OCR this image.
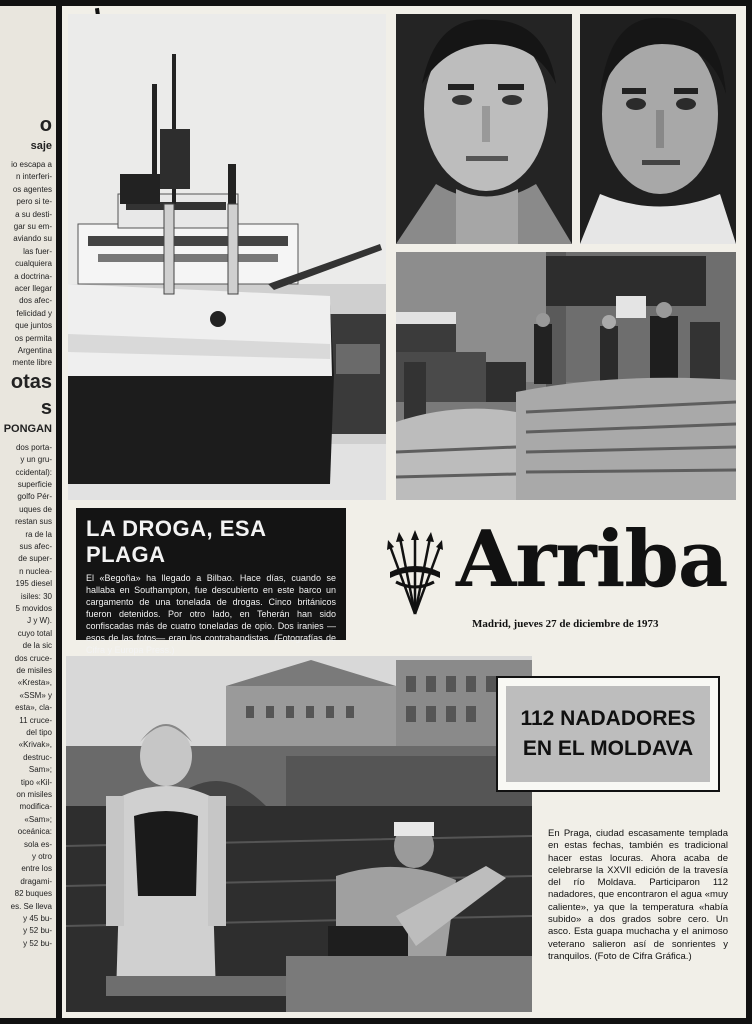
o
saje
io escapa a
n interferi-
os agentes
pero si te-
a su desti-
gar su em-
aviando su
las fuer-
cualquiera
a doctrina-
acer llegar
dos afec-
felicidad y
que juntos
os permita
Argentina
mente libre
otas
s
PONGAN
dos porta-
y un gru-
ccidental):
superficie
golfo Pér-
uques de
restan sus
ra de la
sus afec-
de super-
n nuclea-
195 diesel
isiles: 30
5 movidos
J y W).
cuyo total
de la sic
dos cruce-
de misiles
«Kresta»,
«SSM» y
esta», cla-
11 cruce-
del tipo
«Krivak»,
destruc-
Sam»;
tipo «Kil-
on misiles
modifica-
«Sam»;
oceánica:
sola es-
y otro
entre los
dragami-
82 buques
es. Se lleva
y 45 bu-
y 52 bu-
y 52 bu-
LA DROGA, ESA PLAGA
El «Begoña» ha llegado a Bilbao. Hace días, cuando se hallaba en Southampton, fue descubierto en este barco un cargamento de una tonelada de drogas. Cinco británicos fueron detenidos. Por otro lado, en Teherán han sido confiscadas más de cuatro toneladas de opio. Dos iranies —esos de las fotos— eran los contrabandistas. (Fotografías de Cifra y Europa Press.)
Arriba
Madrid, jueves 27 de diciembre de 1973
112 NADADORES
EN EL MOLDAVA
En Praga, ciudad escasamente templada en estas fechas, también es tradicional hacer estas locuras. Ahora acaba de celebrarse la XXVII edición de la travesía del río Moldava. Participaron 112 nadadores, que encontraron el agua «muy caliente», ya que la temperatura «había subido» a dos grados sobre cero. Un asco. Esta guapa muchacha y el animoso veterano salieron así de sonrientes y tranquilos. (Foto de Cifra Gráfica.)
